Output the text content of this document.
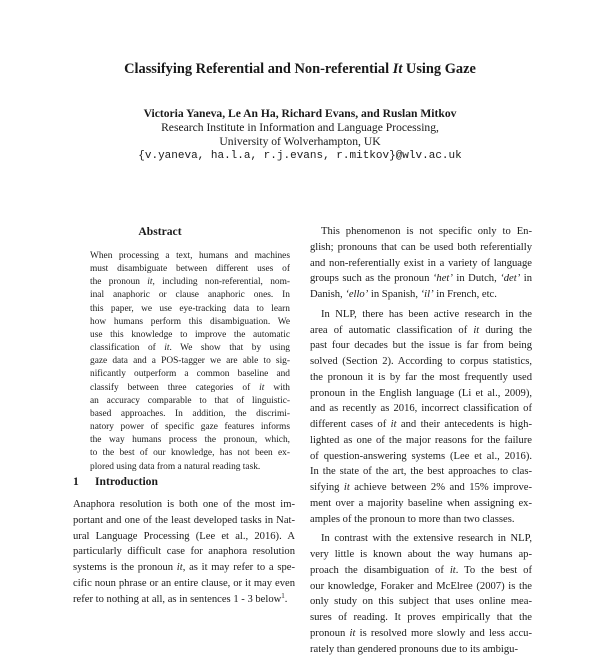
Classifying Referential and Non-referential It Using Gaze
Victoria Yaneva, Le An Ha, Richard Evans, and Ruslan Mitkov
Research Institute in Information and Language Processing,
University of Wolverhampton, UK
{v.yaneva, ha.l.a, r.j.evans, r.mitkov}@wlv.ac.uk
Abstract
When processing a text, humans and machines
must disambiguate between different uses of
the pronoun it, including non-referential, nom-
inal anaphoric or clause anaphoric ones. In
this paper, we use eye-tracking data to learn
how humans perform this disambiguation. We
use this knowledge to improve the automatic
classification of it. We show that by using
gaze data and a POS-tagger we are able to sig-
nificantly outperform a common baseline and
classify between three categories of it with
an accuracy comparable to that of linguistic-
based approaches. In addition, the discrimi-
natory power of specific gaze features informs
the way humans process the pronoun, which,
to the best of our knowledge, has not been ex-
plored using data from a natural reading task.
1 Introduction
Anaphora resolution is both one of the most im-
portant and one of the least developed tasks in Nat-
ural Language Processing (Lee et al., 2016). A
particularly difficult case for anaphora resolution
systems is the pronoun it, as it may refer to a spe-
cific noun phrase or an entire clause, or it may even
refer to nothing at all, as in sentences 1 - 3 below$^1$.
This phenomenon is not specific only to En-
glish; pronouns that can be used both referentially
and non-referentially exist in a variety of language
groups such as the pronoun ‘het’ in Dutch, ‘det’ in
Danish, ‘ello’ in Spanish, ‘il’ in French, etc.
In NLP, there has been active research in the
area of automatic classification of it during the
past four decades but the issue is far from being
solved (Section 2). According to corpus statistics,
the pronoun it is by far the most frequently used
pronoun in the English language (Li et al., 2009),
and as recently as 2016, incorrect classification of
different cases of it and their antecedents is high-
lighted as one of the major reasons for the failure
of question-answering systems (Lee et al., 2016).
In the state of the art, the best approaches to clas-
sifying it achieve between 2% and 15% improve-
ment over a majority baseline when assigning ex-
amples of the pronoun to more than two classes.
In contrast with the extensive research in NLP,
very little is known about the way humans ap-
proach the disambiguation of it. To the best of
our knowledge, Foraker and McElree (2007) is the
only study on this subject that uses online mea-
sures of reading. It proves empirically that the
pronoun it is resolved more slowly and less accu-
rately than gendered pronouns due to its ambigu-
